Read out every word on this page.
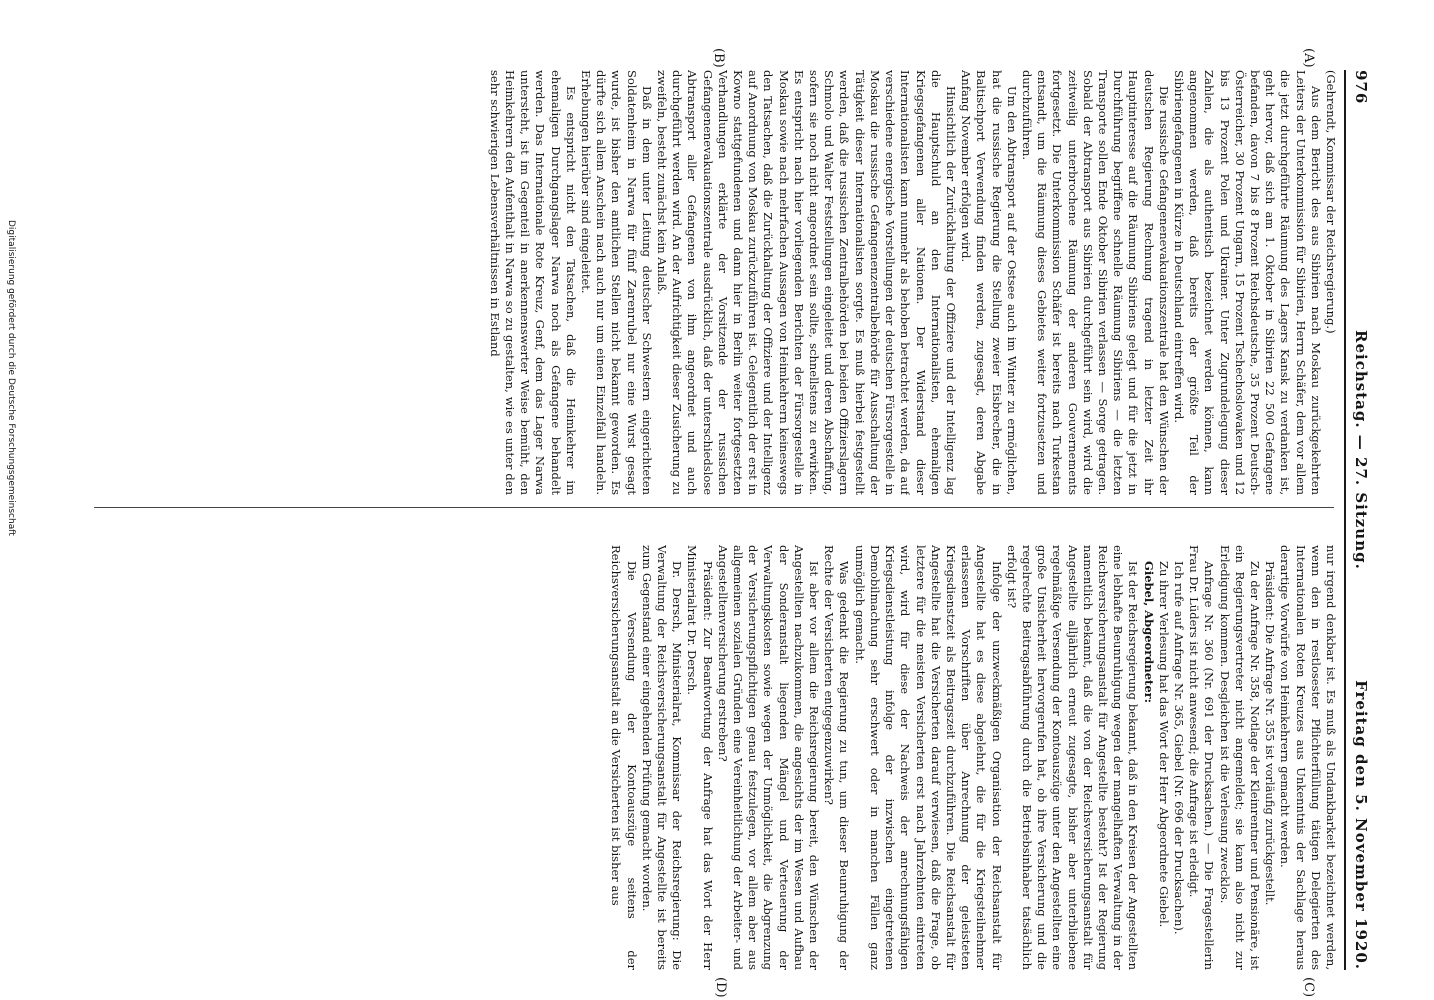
976
Reichstag. — 27. Sitzung.
Freitag den 5. November 1920.
(A)
(B)
(C)
(D)

(Gehrendt, Kommissar der Reichsregierung.)

Aus dem Bericht des aus Sibirien nach Moskau zurückgekehrten Leiters der Unterkommission für Sibirien, Herrn Schäfer, dem vor allem die jetzt durchgeführte Räumung des Lagers Kansk zu verdanken ist, geht hervor, daß sich am 1. Oktober in Sibirien 22 500 Gefangene befanden, davon 7 bis 8 Prozent Reichsdeutsche, 35 Prozent Deutsch-Österreicher, 30 Prozent Ungarn, 15 Prozent Tschechoslowaken und 12 bis 13 Prozent Polen und Ukrainer. Unter Zugrundelegung dieser Zahlen, die als authentisch bezeichnet werden können, kann angenommen werden, daß bereits der größte Teil der Sibiriengefangenen in Kürze in Deutschland eintreffen wird.

Die russische Gefangenenevakuationszentrale hat den Wünschen der deutschen Regierung Rechnung tragend in letzter Zeit ihr Hauptinteresse auf die Räumung Sibiriens gelegt und für die jetzt in Durchführung begriffene schnelle Räumung Sibiriens — die letzten Transporte sollen Ende Oktober Sibirien verlassen — Sorge getragen. Sobald der Abtransport aus Sibirien durchgeführt sein wird, wird die zeitweilig unterbrochene Räumung der anderen Gouvernements fortgesetzt. Die Unterkommission Schäfer ist bereits nach Turkestan entsandt, um die Räumung dieses Gebietes weiter fortzusetzen und durchzuführen.

Um den Abtransport auf der Ostsee auch im Winter zu ermöglichen, hat die russische Regierung die Stellung zweier Eisbrecher, die in Baltischport Verwendung finden werden, zugesagt, deren Abgabe Anfang November erfolgen wird.

Hinsichtlich der Zurückhaltung der Offiziere und der Intelligenz lag die Hauptschuld an den Internationalisten, ehemaligen Kriegsgefangenen aller Nationen. Der Widerstand dieser Internationalisten kann nunmehr als behoben betrachtet werden, da auf verschiedene energische Vorstellungen der deutschen Fürsorgestelle in Moskau die russische Gefangenenzentralbehörde für Ausschaltung der Tätigkeit dieser Internationalisten sorgte. Es muß hierbei festgestellt werden, daß die russischen Zentralbehörden bei beiden Offizierslagern Schmolo und Walter Feststellungen eingeleitet und deren Abschaffung, sofern sie noch nicht angeordnet sein sollte, schnellstens zu erwirken. Es entspricht nach hier vorliegenden Berichten der Fürsorgestelle in Moskau sowie nach mehrfachen Aussagen von Heimkehrern keineswegs den Tatsachen, daß die Zurückhaltung der Offiziere und der Intelligenz auf Anordnung von Moskau zurückzuführen ist. Gelegentlich der erst in Kowno stattgefundenen und dann hier in Berlin weiter fortgesetzten Verhandlungen erklärte der Vorsitzende der russischen Gefangenenevakuationszentrale ausdrücklich, daß der unterschiedslose Abtransport aller Gefangenen von ihm angeordnet und auch durchgeführt werden wird. An der Aufrichtigkeit dieser Zusicherung zu zweifeln, besteht zunächst kein Anlaß.

Daß in dem unter Leitung deutscher Schwestern eingerichteten Soldatenheim in Narwa für fünf Zarenrubel nur eine Wurst gesagt wurde, ist bisher den amtlichen Stellen nicht bekannt geworden. Es dürfte sich allem Anschein nach auch nur um einen Einzelfall handeln. Erhebungen hierüber sind eingeleitet.

Es entspricht nicht den Tatsachen, daß die Heimkehrer im ehemaligen Durchgangslager Narwa noch als Gefangene behandelt werden. Das Internationale Rote Kreuz, Genf, dem das Lager Narwa untersteht, ist im Gegenteil in anerkennenswerter Weise bemüht, den Heimkehrern den Aufenthalt in Narwa so zu gestalten, wie es unter den sehr schwierigen Lebensverhältnissen in Estland

nur irgend denkbar ist. Es muß als Undankbarkeit bezeichnet werden, wenn den in restlosester Pflichterfüllung tätigen Delegierten des Internationalen Roten Kreuzes aus Unkenntnis der Sachlage heraus derartige Vorwürfe von Heimkehrern gemacht werden.

Präsident: Die Anfrage Nr. 355 ist vorläufig zurückgestellt.

Zu der Anfrage Nr. 358, Notlage der Kleinrentner und Pensionäre, ist ein Regierungsvertreter nicht angemeldet; sie kann also nicht zur Erledigung kommen. Desgleichen ist die Verlesung zwecklos.

Anfrage Nr. 360 (Nr. 691 der Drucksachen.) — Die Fragestellerin Frau Dr. Lüders ist nicht anwesend; die Anfrage ist erledigt.

Ich rufe auf Anfrage Nr. 365, Giebel (Nr. 696 der Drucksachen).

Zu ihrer Verlesung hat das Wort der Herr Abgeordnete Giebel.

Giebel, Abgeordneter:

Ist der Reichsregierung bekannt, daß in den Kreisen der Angestellten eine lebhafte Beunruhigung wegen der mangelhaften Verwaltung in der Reichsversicherungsanstalt für Angestellte besteht? Ist der Regierung namentlich bekannt, daß die von der Reichsversicherungsanstalt für Angestellte alljährlich erneut zugesagte, bisher aber unterbliebene regelmäßige Versendung der Kontoauszüge unter den Angestellten eine große Unsicherheit hervorgerufen hat, ob ihre Versicherung und die regelrechte Beitragsabführung durch die Betriebsinhaber tatsächlich erfolgt ist?

Infolge der unzweckmäßigen Organisation der Reichsanstalt für Angestellte hat es diese abgelehnt, die für die Kriegsteilnehmer erlassenen Vorschriften über Anrechnung der geleisteten Kriegsdienstzeit als Beitragszeit durchzuführen. Die Reichsanstalt für Angestellte hat die Versicherten darauf verwiesen, daß die Frage, ob letztere für die meisten Versicherten erst nach Jahrzehnten eintreten wird, wird für diese der Nachweis der anrechnungsfähigen Kriegsdienstleistung infolge der inzwischen eingetretenen Demobilmachung sehr erschwert oder in manchen Fällen ganz unmöglich gemacht.

Was gedenkt die Regierung zu tun, um dieser Beunruhigung der Rechte der Versicherten entgegenzuwirken?

Ist aber vor allem die Reichsregierung bereit, den Wünschen der Angestellten nachzukommen, die angesichts der im Wesen und Aufbau der Sonderanstalt liegenden Mängel und Verteuerung der Verwaltungskosten sowie wegen der Unmöglichkeit, die Abgrenzung der Versicherungspflichtigen genau festzulegen, vor allem aber aus allgemeinen sozialen Gründen eine Vereinheitlichung der Arbeiter- und Angestelltenversicherung erstreben?

Präsident: Zur Beantwortung der Anfrage hat das Wort der Herr Ministerialrat Dr. Dersch.

Dr. Dersch, Ministerialrat, Kommissar der Reichsregierung: Die Verwaltung der Reichsversicherungsanstalt für Angestellte ist bereits zum Gegenstand einer eingehenden Prüfung gemacht worden.

Die Versendung der Kontoauszüge seitens der Reichsversicherungsanstalt an die Versicherten ist bisher aus

Digitalisierung gefördert durch die Deutsche Forschungsgemeinschaft
